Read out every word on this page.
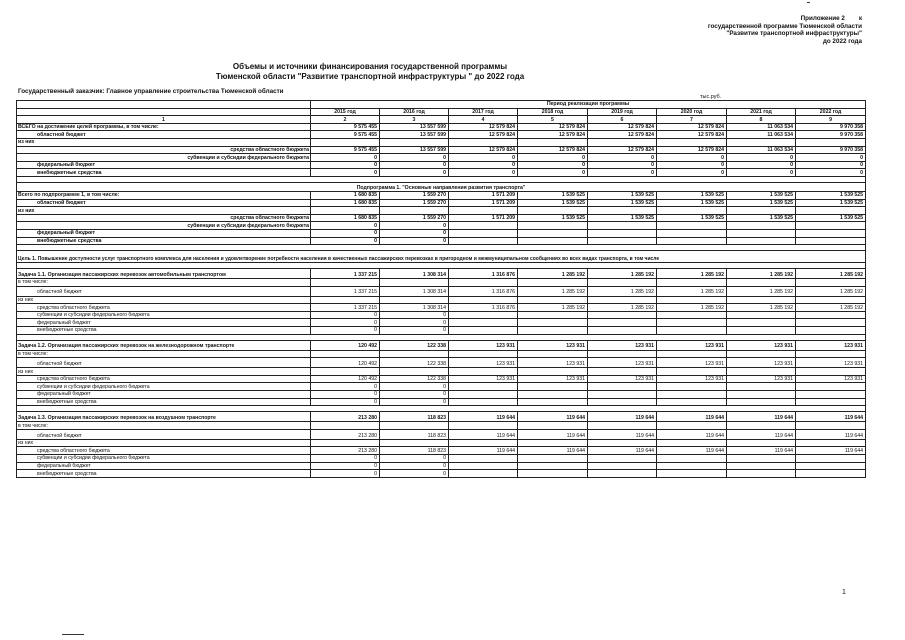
Приложение 2 к
государственной программе Тюменской области
"Развитие транспортной инфраструктуры"
до 2022 года
Объемы и источники финансирования государственной программы
Тюменской области "Развитие транспортной инфраструктуры " до 2022 года
Государственный заказчик: Главное управление строительства Тюменской области
тыс.руб.
	Период реализации программы							
	2015 год	2016 год	2017 год	2018 год	2019 год	2020 год	2021 год	2022 год
1	2	3	4	5	6	7	8	9
ВСЕГО на достижение целей программы, в том числе:	9 575 455	13 557 599	12 579 824	12 579 824	12 579 824	12 579 824	11 063 534	9 970 358
областной бюджет	9 575 455	13 557 599	12 579 824	12 579 824	12 579 824	12 579 824	11 063 534	9 970 358
из них								
средства областного бюджета	9 575 455	13 557 599	12 579 824	12 579 824	12 579 824	12 579 824	11 063 534	9 970 358
субвенции и субсидии федерального бюджета	0	0	0	0	0	0	0	0
федеральный бюджет	0	0	0	0	0	0	0	0
внебюджетные средства	0	0	0	0	0	0	0	0

Подпрограмма 1. "Основные направления развития транспорта"								
Всего по подпрограмме 1, в том числе:	1 680 835	1 559 270	1 571 209	1 539 525	1 539 525	1 539 525	1 539 525	1 539 525
областной бюджет	1 680 835	1 559 270	1 571 209	1 539 525	1 539 525	1 539 525	1 539 525	1 539 525
из них								
средства областного бюджета	1 680 835	1 559 270	1 571 209	1 539 525	1 539 525	1 539 525	1 539 525	1 539 525
субвенции и субсидии федерального бюджета	0	0						
федеральный бюджет	0	0						
внебюджетные средства	0	0						

Цель 1. Повышение доступности услуг транспортного комплекса для населения и удовлетворение потребности населения в качественных пассажирских перевозках в пригородном и межмуниципальном сообщениях во всех видах транспорта, в том числе								

Задача 1.1. Организация пассажирских перевозок автомобильным транспортом	1 337 215	1 308 314	1 316 876	1 285 192	1 285 192	1 285 192	1 285 192	1 285 192
в том числе:								
областной бюджет	1 337 215	1 308 314	1 316 876	1 285 192	1 285 192	1 285 192	1 285 192	1 285 192
из них								
средства областного бюджета	1 337 215	1 308 314	1 316 876	1 285 192	1 285 192	1 285 192	1 285 192	1 285 192
субвенции и субсидии федерального бюджета	0	0						
федеральный бюджет	0	0						
внебюджетные средства	0	0						

Задача 1.2. Организация пассажирских перевозок на железнодорожном транспорте	120 492	122 338	123 931	123 931	123 931	123 931	123 931	123 931
в том числе:								
областной бюджет	120 492	122 338	123 931	123 931	123 931	123 931	123 931	123 931
из них								
средства областного бюджета	120 492	122 338	123 931	123 931	123 931	123 931	123 931	123 931
субвенции и субсидии федерального бюджета	0	0						
федеральный бюджет	0	0						
внебюджетные средства	0	0						

Задача 1.3. Организация пассажирских перевозок на воздушном транспорте	213 280	118 823	119 644	119 644	119 644	119 644	119 644	119 644
в том числе:								
областной бюджет	213 280	118 823	119 644	119 644	119 644	119 644	119 644	119 644
из них								
средства областного бюджета	213 280	118 823	119 644	119 644	119 644	119 644	119 644	119 644
субвенции и субсидии федерального бюджета	0	0						
федеральный бюджет	0	0						
внебюджетные средства	0	0						
1
